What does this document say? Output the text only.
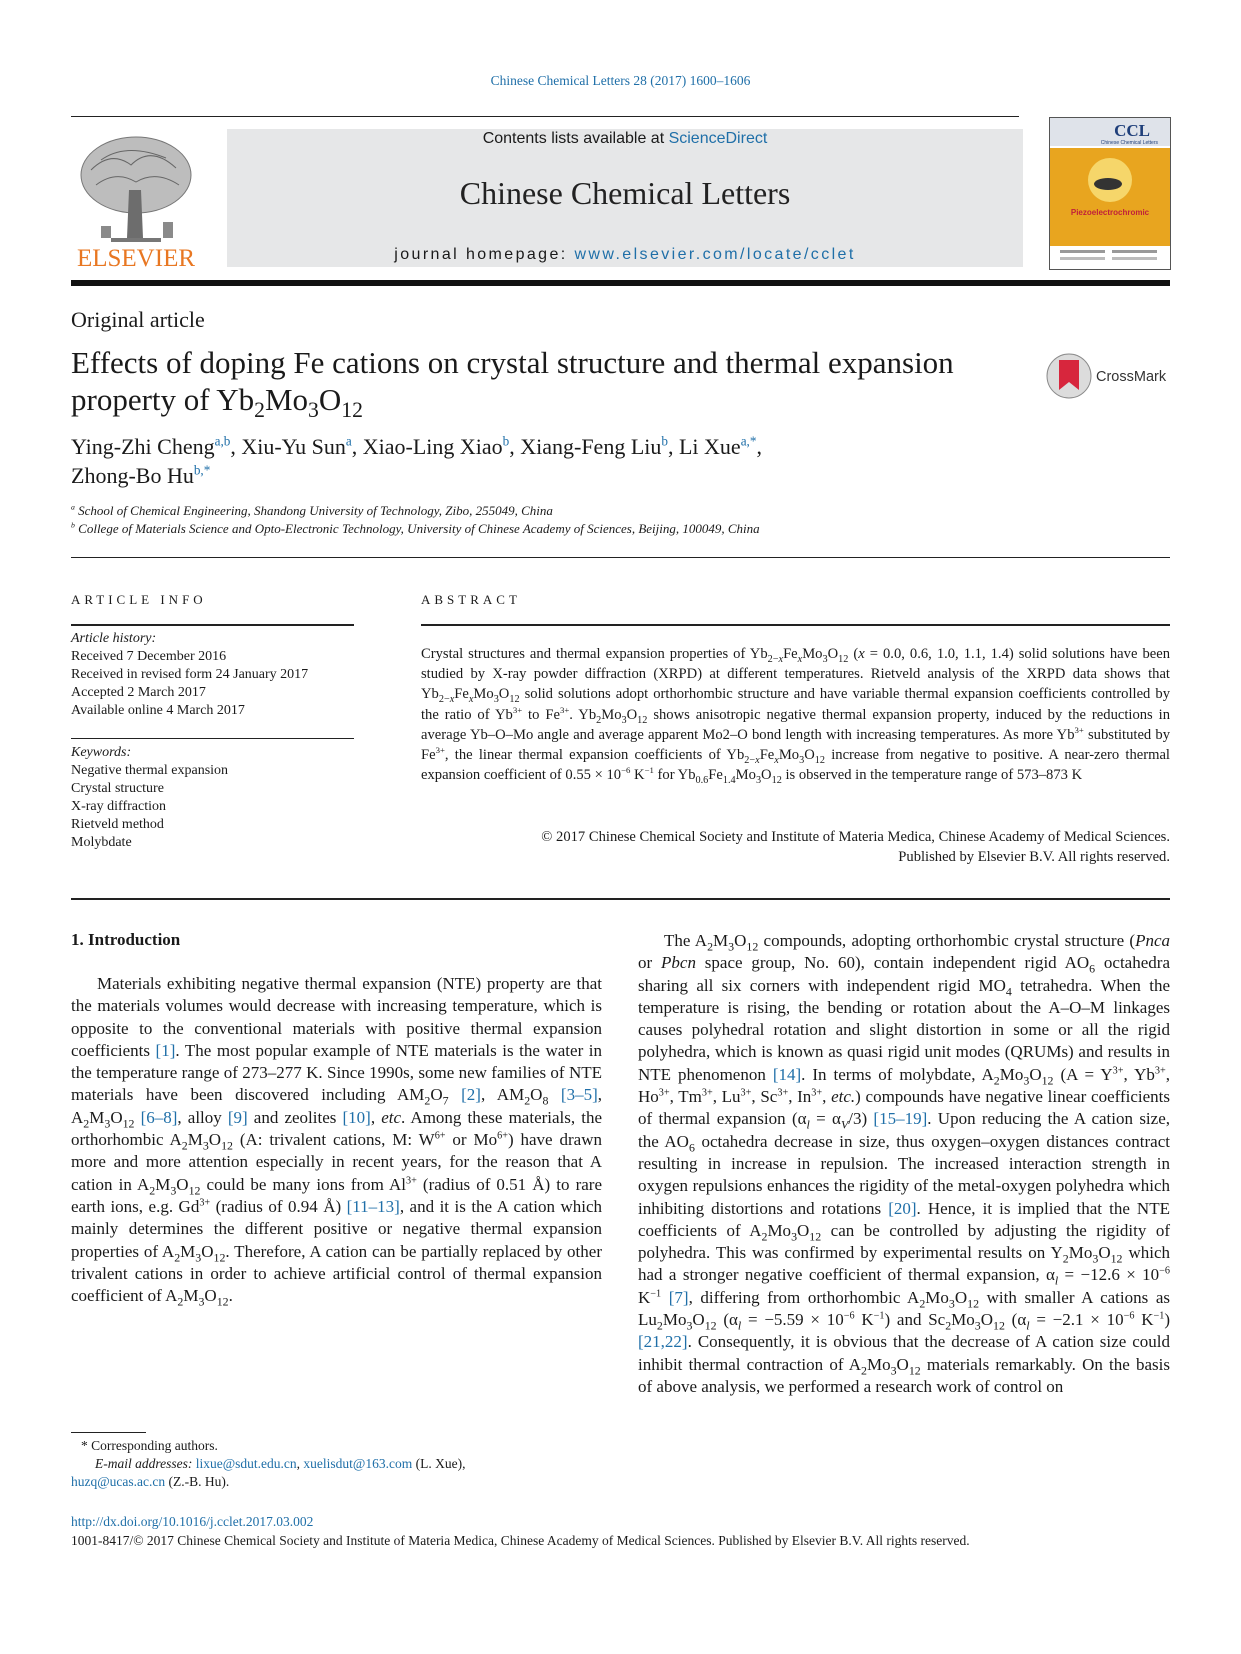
Chinese Chemical Letters 28 (2017) 1600–1606
ELSEVIER
Contents lists available at ScienceDirect
Chinese Chemical Letters
journal homepage: www.elsevier.com/locate/cclet
CCL
Chinese Chemical Letters
Piezoelectrochromic
Original article
Effects of doping Fe cations on crystal structure and thermal expansion
property of $Yb_2Mo_3O_{12}$
CrossMark
Ying-Zhi Cheng$^{a,b}$, Xiu-Yu Sun$^a$, Xiao-Ling Xiao$^b$, Xiang-Feng Liu$^b$, Li Xue$^{a,*}$,
Zhong-Bo Hu$^{b,*}$
$^a$ School of Chemical Engineering, Shandong University of Technology, Zibo, 255049, China
$^b$ College of Materials Science and Opto-Electronic Technology, University of Chinese Academy of Sciences, Beijing, 100049, China
ARTICLE INFO
Article history:
Received 7 December 2016
Received in revised form 24 January 2017
Accepted 2 March 2017
Available online 4 March 2017
Keywords:
Negative thermal expansion
Crystal structure
X-ray diffraction
Rietveld method
Molybdate
ABSTRACT
Crystal structures and thermal expansion properties of $Yb_{2-x}Fe_xMo_3O_{12}$ (x = 0.0, 0.6, 1.0, 1.1, 1.4) solid solutions have been studied by X-ray powder diffraction (XRPD) at different temperatures. Rietveld analysis of the XRPD data shows that $Yb_{2-x}Fe_xMo_3O_{12}$ solid solutions adopt orthorhombic structure and have variable thermal expansion coefficients controlled by the ratio of $Yb^{3+}$ to $Fe^{3+}$. $Yb_2Mo_3O_{12}$ shows anisotropic negative thermal expansion property, induced by the reductions in average Yb–O–Mo angle and average apparent Mo2–O bond length with increasing temperatures. As more $Yb^{3+}$ substituted by $Fe^{3+}$, the linear thermal expansion coefficients of $Yb_{2-x}Fe_xMo_3O_{12}$ increase from negative to positive. A near-zero thermal expansion coefficient of $0.55 \times 10^{-6}$ $K^{-1}$ for $Yb_{0.6}Fe_{1.4}Mo_3O_{12}$ is observed in the temperature range of 573–873 K
© 2017 Chinese Chemical Society and Institute of Materia Medica, Chinese Academy of Medical Sciences.
Published by Elsevier B.V. All rights reserved.
1. Introduction
Materials exhibiting negative thermal expansion (NTE) property are that the materials volumes would decrease with increasing temperature, which is opposite to the conventional materials with positive thermal expansion coefficients [1]. The most popular example of NTE materials is the water in the temperature range of 273–277 K. Since 1990s, some new families of NTE materials have been discovered including $AM_2O_7$ [2], $AM_2O_8$ [3–5], $A_2M_3O_{12}$ [6–8], alloy [9] and zeolites [10], etc. Among these materials, the orthorhombic $A_2M_3O_{12}$ (A: trivalent cations, M: $W^{6+}$ or $Mo^{6+}$) have drawn more and more attention especially in recent years, for the reason that A cation in $A_2M_3O_{12}$ could be many ions from $Al^{3+}$ (radius of 0.51 Å) to rare earth ions, e.g. $Gd^{3+}$ (radius of 0.94 Å) [11–13], and it is the A cation which mainly determines the different positive or negative thermal expansion properties of $A_2M_3O_{12}$. Therefore, A cation can be partially replaced by other trivalent cations in order to achieve artificial control of thermal expansion coefficient of $A_2M_3O_{12}$.
The $A_2M_3O_{12}$ compounds, adopting orthorhombic crystal structure (Pnca or Pbcn space group, No. 60), contain independent rigid $AO_6$ octahedra sharing all six corners with independent rigid $MO_4$ tetrahedra. When the temperature is rising, the bending or rotation about the A–O–M linkages causes polyhedral rotation and slight distortion in some or all the rigid polyhedra, which is known as quasi rigid unit modes (QRUMs) and results in NTE phenomenon [14]. In terms of molybdate, $A_2Mo_3O_{12}$ ($A = Y^{3+}$, $Yb^{3+}$, $Ho^{3+}$, $Tm^{3+}$, $Lu^{3+}$, $Sc^{3+}$, $In^{3+}$, etc.) compounds have negative linear coefficients of thermal expansion $(\alpha_l = \alpha_V/3)$ [15–19]. Upon reducing the A cation size, the $AO_6$ octahedra decrease in size, thus oxygen–oxygen distances contract resulting in increase in repulsion. The increased interaction strength in oxygen repulsions enhances the rigidity of the metal-oxygen polyhedra which inhibiting distortions and rotations [20]. Hence, it is implied that the NTE coefficients of $A_2Mo_3O_{12}$ can be controlled by adjusting the rigidity of polyhedra. This was confirmed by experimental results on $Y_2Mo_3O_{12}$ which had a stronger negative coefficient of thermal expansion, $\alpha_l = -12.6 \times 10^{-6}$ $K^{-1}$ [7], differing from orthorhombic $A_2Mo_3O_{12}$ with smaller A cations as $Lu_2Mo_3O_{12}$ ($\alpha_l = -5.59 \times 10^{-6}$ $K^{-1}$) and $Sc_2Mo_3O_{12}$ ($\alpha_l = -2.1 \times 10^{-6}$ $K^{-1}$) [21,22]. Consequently, it is obvious that the decrease of A cation size could inhibit thermal contraction of $A_2Mo_3O_{12}$ materials remarkably. On the basis of above analysis, we performed a research work of control on
* Corresponding authors.
E-mail addresses: lixue@sdut.edu.cn, xuelisdut@163.com (L. Xue),
huzq@ucas.ac.cn (Z.-B. Hu).
http://dx.doi.org/10.1016/j.cclet.2017.03.002
1001-8417/© 2017 Chinese Chemical Society and Institute of Materia Medica, Chinese Academy of Medical Sciences. Published by Elsevier B.V. All rights reserved.
